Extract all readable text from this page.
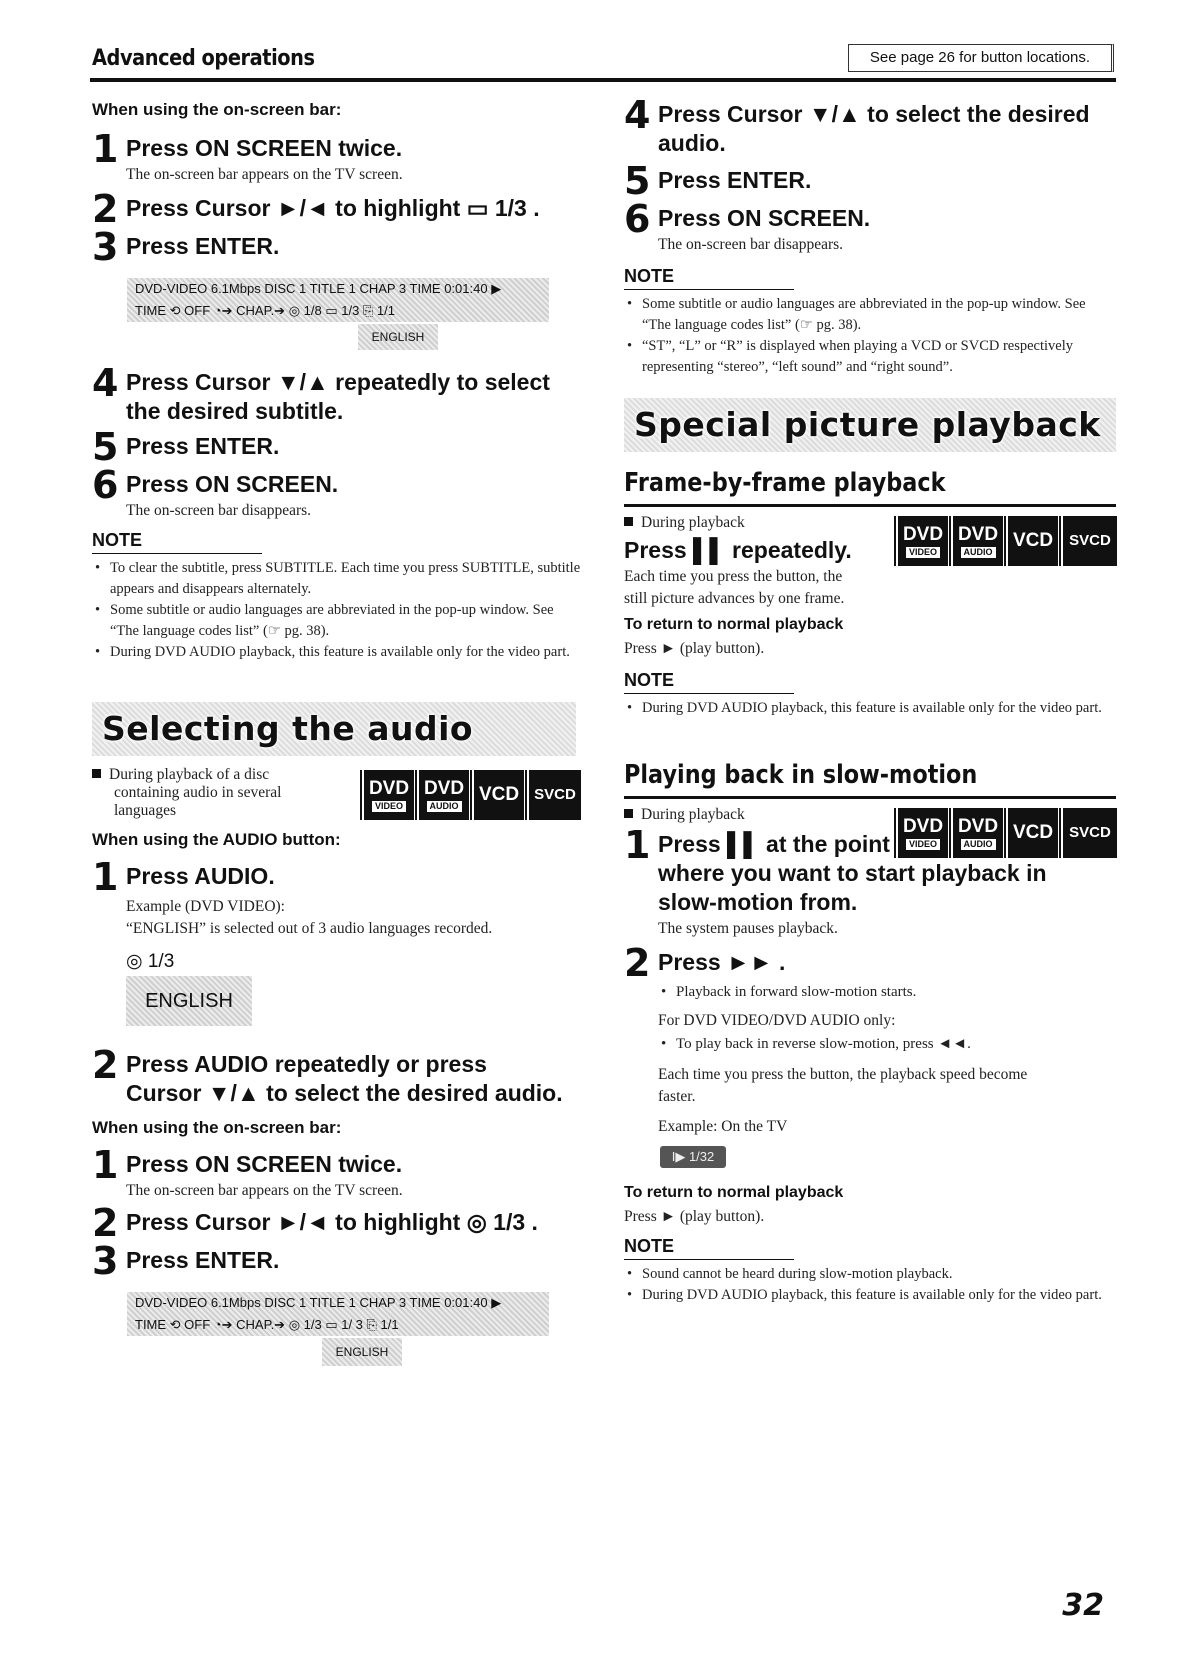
Advanced operations	See page 26 for button locations.
When using the on-screen bar:
1 Press ON SCREEN twice.
The on-screen bar appears on the TV screen.
2 Press Cursor ►/◄ to highlight ▭ 1/3 .
3 Press ENTER.
DVD-VIDEO 6.1Mbps DISC 1 TITLE 1 CHAP 3 TIME 0:01:40 ▶
TIME ⟲ OFF ◔➔ CHAP.➔ ◎ 1/8 ▭ 1/3 ⎘ 1/1
ENGLISH
4 Press Cursor ▼/▲ repeatedly to select
the desired subtitle.
5 Press ENTER.
6 Press ON SCREEN.
The on-screen bar disappears.
NOTE
• To clear the subtitle, press SUBTITLE. Each time you press SUBTITLE, subtitle appears and disappears alternately.
• Some subtitle or audio languages are abbreviated in the pop-up window. See “The language codes list” (☞ pg. 38).
• During DVD AUDIO playback, this feature is available only for the video part.
Selecting the audio
During playback of a disc
containing audio in several
languages
DVD
VIDEO
DVD
AUDIO
VCD SVCD
When using the AUDIO button:
1 Press AUDIO.
Example (DVD VIDEO):
“ENGLISH” is selected out of 3 audio languages recorded.
◎ 1/3
ENGLISH
2 Press AUDIO repeatedly or press
Cursor ▼/▲ to select the desired audio.
When using the on-screen bar:
1 Press ON SCREEN twice.
The on-screen bar appears on the TV screen.
2 Press Cursor ►/◄ to highlight ◎ 1/3 .
3 Press ENTER.
DVD-VIDEO 6.1Mbps DISC 1 TITLE 1 CHAP 3 TIME 0:01:40 ▶
TIME ⟲ OFF ◔➔ CHAP.➔ ◎ 1/3 ▭ 1/ 3 ⎘ 1/1
ENGLISH
4 Press Cursor ▼/▲ to select the desired
audio.
5 Press ENTER.
6 Press ON SCREEN.
The on-screen bar disappears.
NOTE
• Some subtitle or audio languages are abbreviated in the pop-up window. See “The language codes list” (☞ pg. 38).
• “ST”, “L” or “R” is displayed when playing a VCD or SVCD respectively representing “stereo”, “left sound” and “right sound”.
Special picture playback
Frame-by-frame playback
During playback
Press ▌▌ repeatedly.
Each time you press the button, the
still picture advances by one frame.
DVD
VIDEO
DVD
AUDIO
VCD SVCD
To return to normal playback
Press ► (play button).
NOTE
• During DVD AUDIO playback, this feature is available only for the video part.
Playing back in slow-motion
During playback
DVD
VIDEO
DVD
AUDIO
VCD SVCD
1 Press ▌▌ at the point
where you want to start playback in
slow-motion from.
The system pauses playback.
2 Press ►► .
• Playback in forward slow-motion starts.
For DVD VIDEO/DVD AUDIO only:
• To play back in reverse slow-motion, press ◄◄.
Each time you press the button, the playback speed become
faster.
Example: On the TV
I▶ 1/32
To return to normal playback
Press ► (play button).
NOTE
• Sound cannot be heard during slow-motion playback.
• During DVD AUDIO playback, this feature is available only for the video part.
32
